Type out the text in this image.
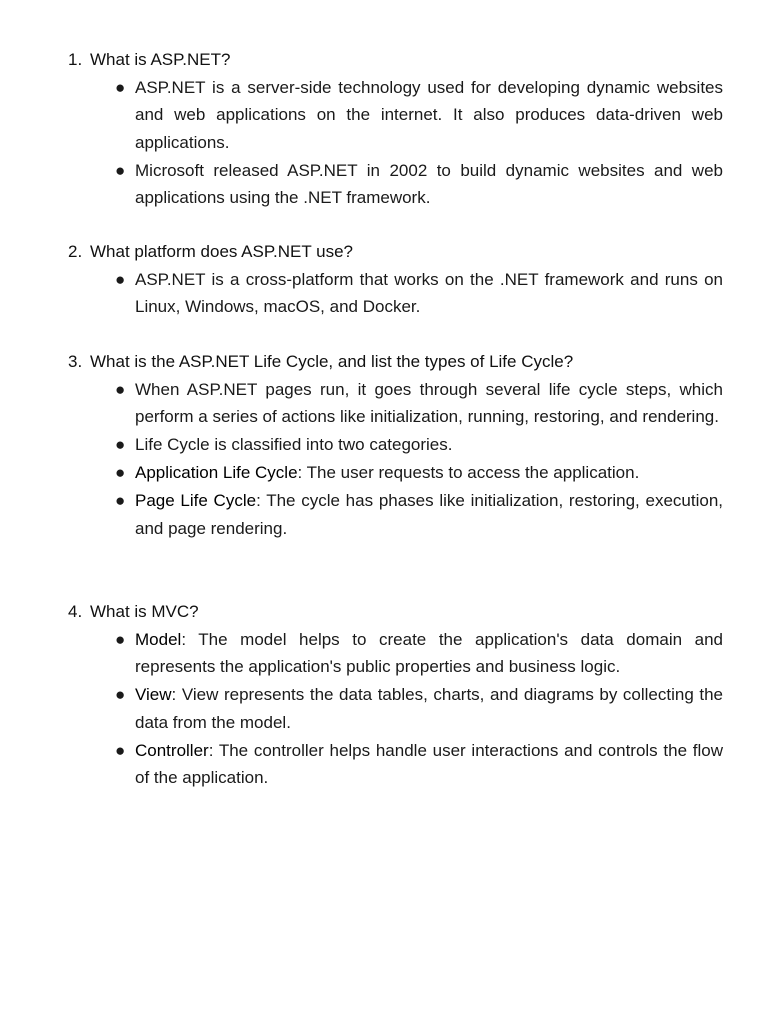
1. What is ASP.NET?
● ASP.NET is a server-side technology used for developing dynamic websites and web applications on the internet. It also produces data-driven web applications.
● Microsoft released ASP.NET in 2002 to build dynamic websites and web applications using the .NET framework.
2. What platform does ASP.NET use?
● ASP.NET is a cross-platform that works on the .NET framework and runs on Linux, Windows, macOS, and Docker.
3. What is the ASP.NET Life Cycle, and list the types of Life Cycle?
● When ASP.NET pages run, it goes through several life cycle steps, which perform a series of actions like initialization, running, restoring, and rendering.
● Life Cycle is classified into two categories.
● Application Life Cycle: The user requests to access the application.
● Page Life Cycle: The cycle has phases like initialization, restoring, execution, and page rendering.
4. What is MVC?
● Model: The model helps to create the application's data domain and represents the application's public properties and business logic.
● View: View represents the data tables, charts, and diagrams by collecting the data from the model.
● Controller: The controller helps handle user interactions and controls the flow of the application.
